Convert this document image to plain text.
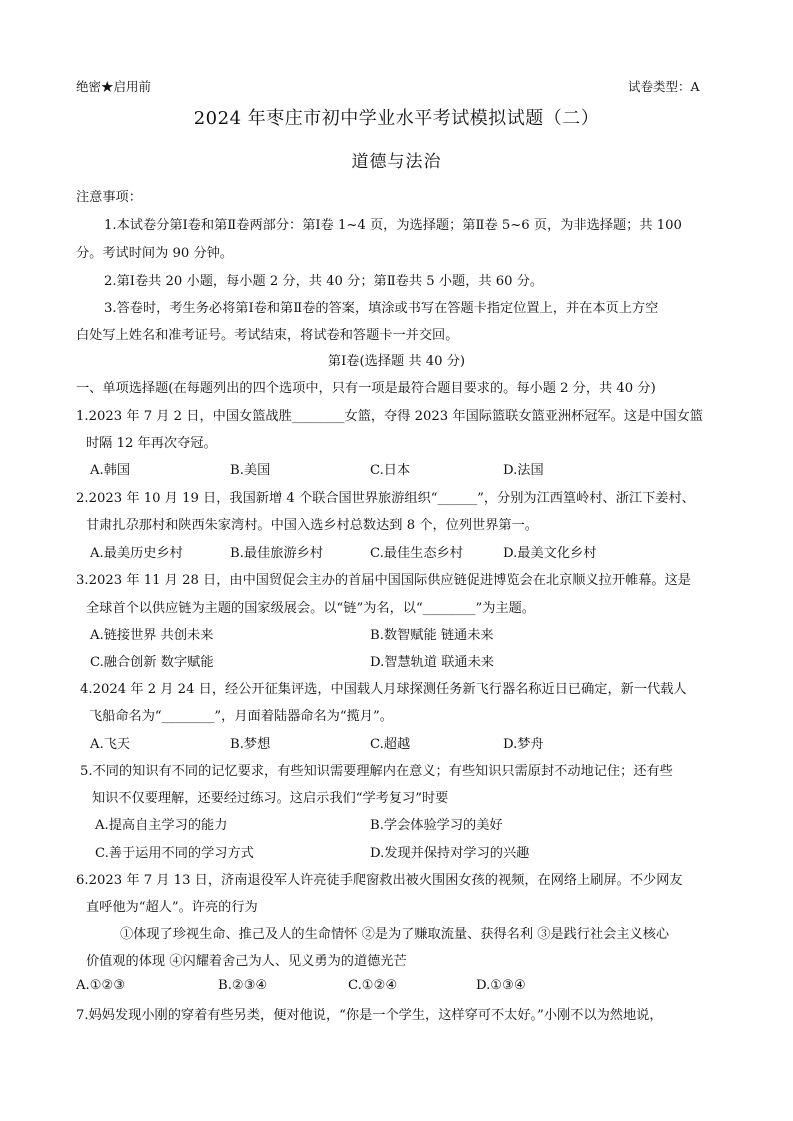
绝密★启用前	试卷类型：A
2024 年枣庄市初中学业水平考试模拟试题（二）
道德与法治
注意事项：
1.本试卷分第Ⅰ卷和第Ⅱ卷两部分：第Ⅰ卷 1~4 页，为选择题；第Ⅱ卷 5~6 页，为非选择题；共 100
分。考试时间为 90 分钟。
2.第Ⅰ卷共 20 小题，每小题 2 分，共 40 分；第Ⅱ卷共 5 小题，共 60 分。
3.答卷时，考生务必将第Ⅰ卷和第Ⅱ卷的答案，填涂或书写在答题卡指定位置上，并在本页上方空
白处写上姓名和准考证号。考试结束，将试卷和答题卡一并交回。
第Ⅰ卷(选择题 共 40 分)
一、单项选择题(在每题列出的四个选项中，只有一项是最符合题目要求的。每小题 2 分，共 40 分)
1.2023 年 7 月 2 日，中国女篮战胜________女篮，夺得 2023 年国际篮联女篮亚洲杯冠军。这是中国女篮
时隔 12 年再次夺冠。
A.韩国	B.美国	C.日本	D.法国
2.2023 年 10 月 19 日，我国新增 4 个联合国世界旅游组织“______”，分别为江西篁岭村、浙江下姜村、
甘肃扎尕那村和陕西朱家湾村。中国入选乡村总数达到 8 个，位列世界第一。
A.最美历史乡村	B.最佳旅游乡村	C.最佳生态乡村	D.最美文化乡村
3.2023 年 11 月 28 日，由中国贸促会主办的首届中国国际供应链促进博览会在北京顺义拉开帷幕。这是
全球首个以供应链为主题的国家级展会。以“链”为名，以“________”为主题。
A.链接世界 共创未来	B.数智赋能 链通未来
C.融合创新 数字赋能	D.智慧轨道 联通未来
4.2024 年 2 月 24 日，经公开征集评选，中国载人月球探测任务新飞行器名称近日已确定，新一代载人
飞船命名为“________”，月面着陆器命名为“揽月”。
A.飞天	B.梦想	C.超越	D.梦舟
5.不同的知识有不同的记忆要求，有些知识需要理解内在意义；有些知识只需原封不动地记住；还有些
知识不仅要理解，还要经过练习。这启示我们“学考复习”时要
A.提高自主学习的能力	B.学会体验学习的美好
C.善于运用不同的学习方式	D.发现并保持对学习的兴趣
6.2023 年 7 月 13 日，济南退役军人许亮徒手爬窗救出被火围困女孩的视频，在网络上刷屏。不少网友
直呼他为“超人”。许亮的行为
①体现了珍视生命、推己及人的生命情怀 ②是为了赚取流量、获得名利 ③是践行社会主义核心
价值观的体现 ④闪耀着舍己为人、见义勇为的道德光芒
A.①②③	B.②③④	C.①②④	D.①③④
7.妈妈发现小刚的穿着有些另类，便对他说，“你是一个学生，这样穿可不太好。”小刚不以为然地说，
